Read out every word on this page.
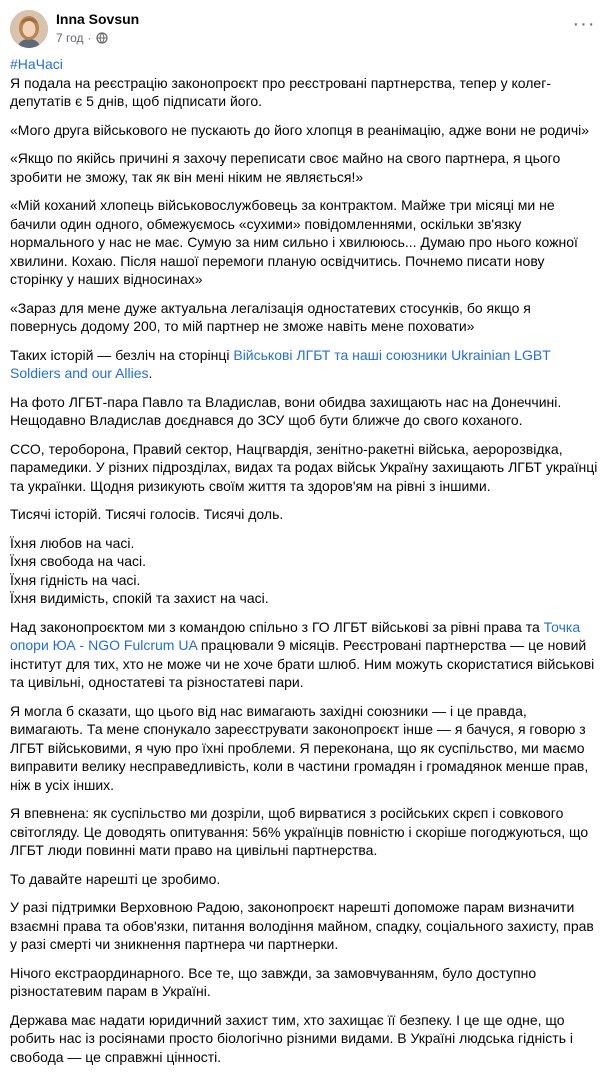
Inna Sovsun
7 год ·
···

#НаЧасі

Я подала на реєстрацію законопроєкт про реєстровані партнерства, тепер у колег-депутатів є 5 днів, щоб підписати його.

«Мого друга військового не пускають до його хлопця в реанімацію, адже вони не родичі»

«Якщо по якійсь причині я захочу переписати своє майно на свого партнера, я цього зробити не зможу, так як він мені ніким не являється!»

«Мій коханий хлопець військовослужбовець за контрактом. Майже три місяці ми не бачили один одного, обмежуємось «сухими» повідомленнями, оскільки зв'язку нормального у нас не має. Сумую за ним сильно і хвилююсь... Думаю про нього кожної хвилини. Кохаю. Після нашої перемоги планую освідчитись. Почнемо писати нову сторінку у наших відносинах»

«Зараз для мене дуже актуальна легалізація одностатевих стосунків, бо якщо я повернусь додому 200, то мій партнер не зможе навіть мене поховати»

Таких історій — безліч на сторінці Військові ЛГБТ та наші союзники Ukrainian LGBT Soldiers and our Allies.

На фото ЛГБТ-пара Павло та Владислав, вони обидва захищають нас на Донеччині. Нещодавно Владислав доєднався до ЗСУ щоб бути ближче до свого коханого.

ССО, тероборона, Правий сектор, Нацгвардія, зенітно-ракетні війська, аеророзвідка, парамедики. У різних підрозділах, видах та родах військ Україну захищають ЛГБТ українці та українки. Щодня ризикують своїм життя та здоров'ям на рівні з іншими.

Тисячі історій. Тисячі голосів. Тисячі доль.

Їхня любов на часі.
Їхня свобода на часі.
Їхня гідність на часі.
Їхня видимість, спокій та захист на часі.

Над законопроєктом ми з командою спільно з ГО ЛГБТ військові за рівні права та Точка опори ЮА - NGO Fulcrum UA працювали 9 місяців. Реєстровані партнерства — це новий інститут для тих, хто не може чи не хоче брати шлюб. Ним можуть скористатися військові та цивільні, одностатеві та різностатеві пари.

Я могла б сказати, що цього від нас вимагають західні союзники — і це правда, вимагають. Та мене спонукало зареєструвати законопроєкт інше — я бачуся, я говорю з ЛГБТ військовими, я чую про їхні проблеми. Я переконана, що як суспільство, ми маємо виправити велику несправедливість, коли в частини громадян і громадянок менше прав, ніж в усіх інших.

Я впевнена: як суспільство ми дозріли, щоб вирватися з російських скрєп і совкового світогляду. Це доводять опитування: 56% українців повністю і скоріше погоджуються, що ЛГБТ люди повинні мати право на цивільні партнерства.

То давайте нарешті це зробимо.

У разі підтримки Верховною Радою, законопроєкт нарешті допоможе парам визначити взаємні права та обов'язки, питання володіння майном, спадку, соціального захисту, прав у разі смерті чи зникнення партнера чи партнерки.

Нічого екстраординарного. Все те, що завжди, за замовчуванням, було доступно різностатевим парам в Україні.

Держава має надати юридичний захист тим, хто захищає її безпеку. І це ще одне, що робить нас із росіянами просто біологічно різними видами. В Україні людська гідність і свобода — це справжні цінності.
